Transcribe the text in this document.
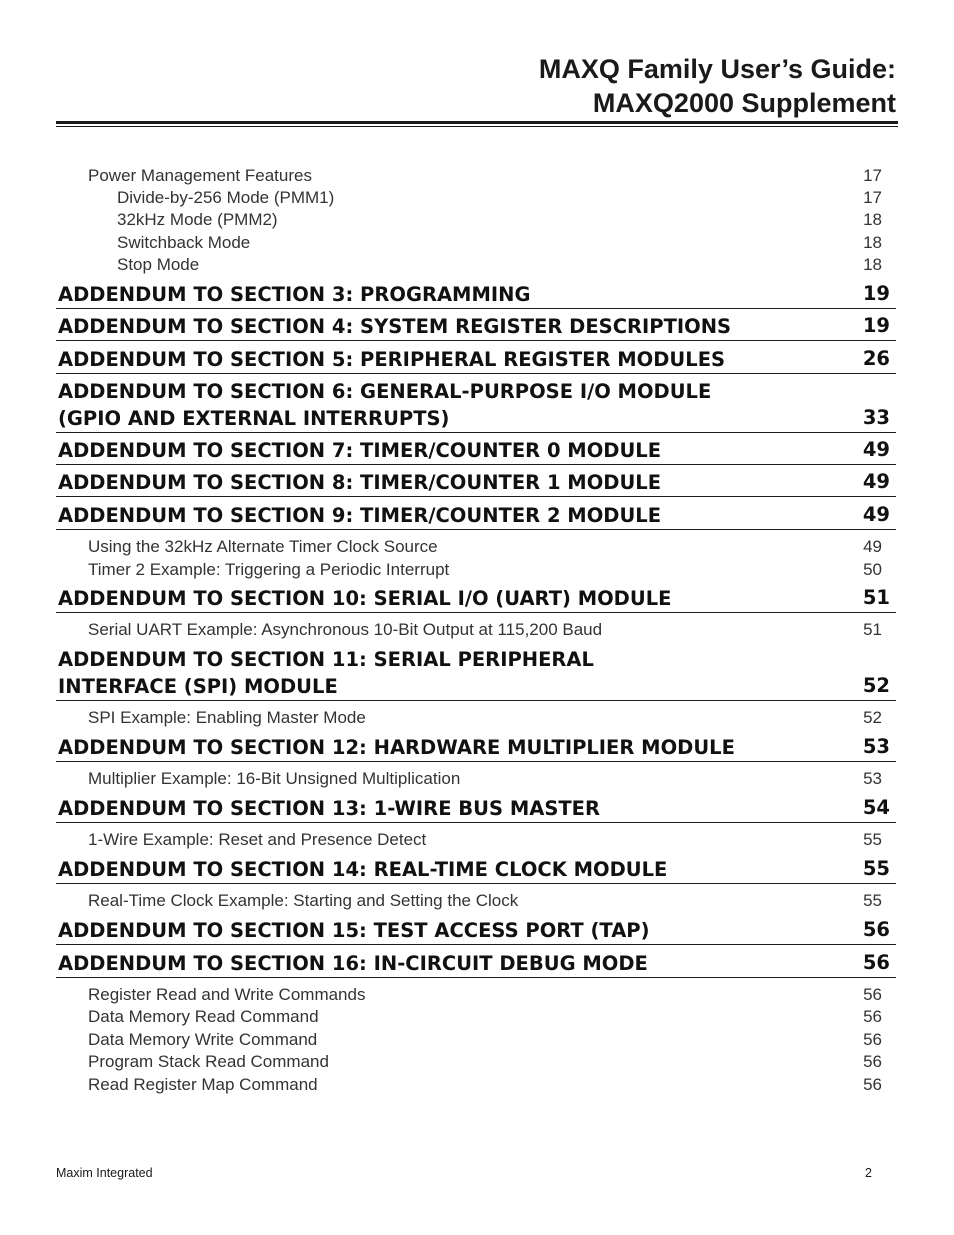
MAXQ Family User’s Guide:
MAXQ2000 Supplement
Power Management Features	17
Divide-by-256 Mode (PMM1)	17
32kHz Mode (PMM2)	18
Switchback Mode	18
Stop Mode	18
ADDENDUM TO SECTION 3: PROGRAMMING	19
ADDENDUM TO SECTION 4: SYSTEM REGISTER DESCRIPTIONS	19
ADDENDUM TO SECTION 5: PERIPHERAL REGISTER MODULES	26
ADDENDUM TO SECTION 6: GENERAL-PURPOSE I/O MODULE
(GPIO AND EXTERNAL INTERRUPTS)	33
ADDENDUM TO SECTION 7: TIMER/COUNTER 0 MODULE	49
ADDENDUM TO SECTION 8: TIMER/COUNTER 1 MODULE	49
ADDENDUM TO SECTION 9: TIMER/COUNTER 2 MODULE	49
Using the 32kHz Alternate Timer Clock Source	49
Timer 2 Example: Triggering a Periodic Interrupt	50
ADDENDUM TO SECTION 10: SERIAL I/O (UART) MODULE	51
Serial UART Example: Asynchronous 10-Bit Output at 115,200 Baud	51
ADDENDUM TO SECTION 11: SERIAL PERIPHERAL
INTERFACE (SPI) MODULE	52
SPI Example: Enabling Master Mode	52
ADDENDUM TO SECTION 12: HARDWARE MULTIPLIER MODULE	53
Multiplier Example: 16-Bit Unsigned Multiplication	53
ADDENDUM TO SECTION 13: 1-WIRE BUS MASTER	54
1-Wire Example: Reset and Presence Detect	55
ADDENDUM TO SECTION 14: REAL-TIME CLOCK MODULE	55
Real-Time Clock Example: Starting and Setting the Clock	55
ADDENDUM TO SECTION 15: TEST ACCESS PORT (TAP)	56
ADDENDUM TO SECTION 16: IN-CIRCUIT DEBUG MODE	56
Register Read and Write Commands	56
Data Memory Read Command	56
Data Memory Write Command	56
Program Stack Read Command	56
Read Register Map Command	56
Maxim Integrated	2
